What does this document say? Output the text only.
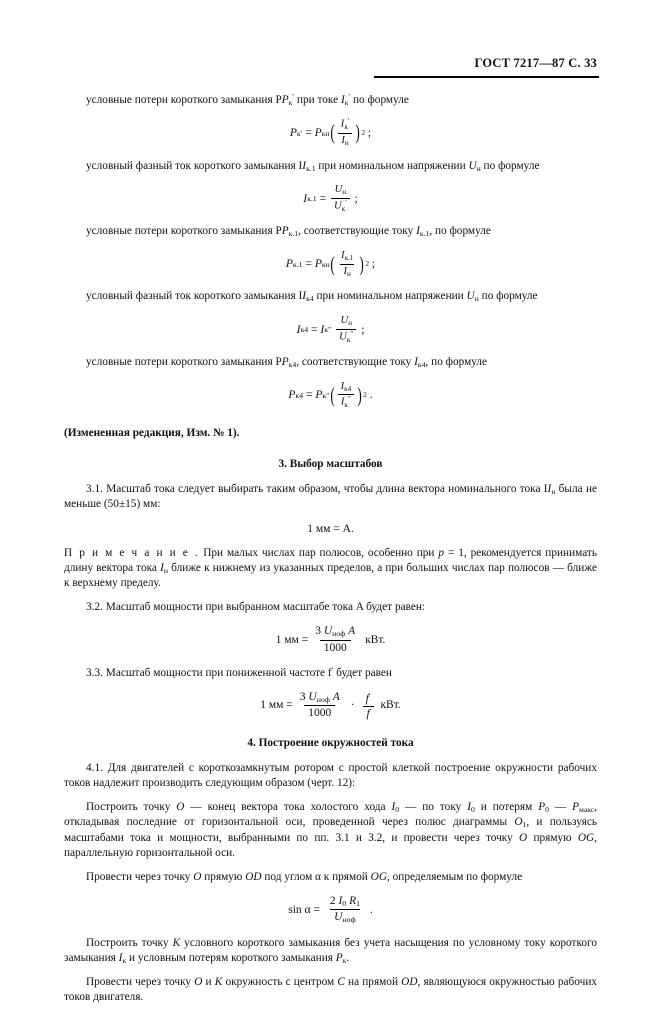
ГОСТ 7217—87 С. 33

условные потери короткого замыкания $PP_к'$ при токе $I_к'$ по формуле

P к ′ = P кн ( $\frac{I_к'}{I_н}$ ) 2 ;

условный фазный ток короткого замыкания $II_{к.1}$ при номинальном напряжении $U_н$ по формуле

I $к.1 = \frac{U_н}{U_к'}$ ;

условные потери короткого замыкания $PP_{к.1}$, соответствующие току $I_{к.1}$, по формуле

P к.1 = P кн ( $\frac{I_{к.1}}{I_н}$ ) 2 ;

условный фазный ток короткого замыкания $II_{к4}$ при номинальном напряжении $U_н$ по формуле

I к4 = I к ″
$\frac{U_н}{U_к''}$ ;

условные потери короткого замыкания $PP_{к4}$, соответствующие току $I_{к4}$, по формуле

P к4 = P к ″ ( $\frac{I_{к4}}{I_к''}$ ) 2 .

(Измененная редакция, Изм. № 1).

3. Выбор масштабов

3.1. Масштаб тока следует выбирать таким образом, чтобы длина вектора номинального тока $II_н$ была не меньше (50±15) мм:

1 мм = A.

П р и м е ч а н и е . При малых числах пар полюсов, особенно при p = 1, рекомендуется принимать длину вектора тока $I_н$ ближе к нижнему из указанных пределов, а при больших числах пар полюсов — ближе к верхнему пределу.

3.2. Масштаб мощности при выбранном масштабе тока A будет равен:

1 мм = $\frac{3 U_{ноф} A}{1000}$ кВт.

3.3. Масштаб мощности при пониженной частоте f′ будет равен

1 мм = $\frac{3 U_{ноф} A}{1000} \cdot \frac{f'}{f}$ кВт.
4. Построение окружностей тока

4.1. Для двигателей с короткозамкнутым ротором с простой клеткой построение окружности рабочих токов надлежит производить следующим образом (черт. 12):

Построить точку O — конец вектора тока холостого хода $I_0$ — по току $I_0$ и потерям $P_0$ — $P_{макс}$, откладывая последние от горизонтальной оси, проведенной через полюс диаграммы $O_1$, и пользуясь масштабами тока и мощности, выбранными по пп. 3.1 и 3.2, и провести через точку O прямую OG, параллельную горизонтальной оси.

Провести через точку O прямую OD под углом α к прямой OG, определяемым по формуле

$\sin \alpha = \frac{2 I_0 R_1}{U_{ноф}}$ .

Построить точку K условного короткого замыкания без учета насыщения по условному току короткого замыкания $I_к$ и условным потерям короткого замыкания $P_к$.

Провести через точку O и K окружность с центром C на прямой OD, являющуюся окружностью рабочих токов двигателя.
